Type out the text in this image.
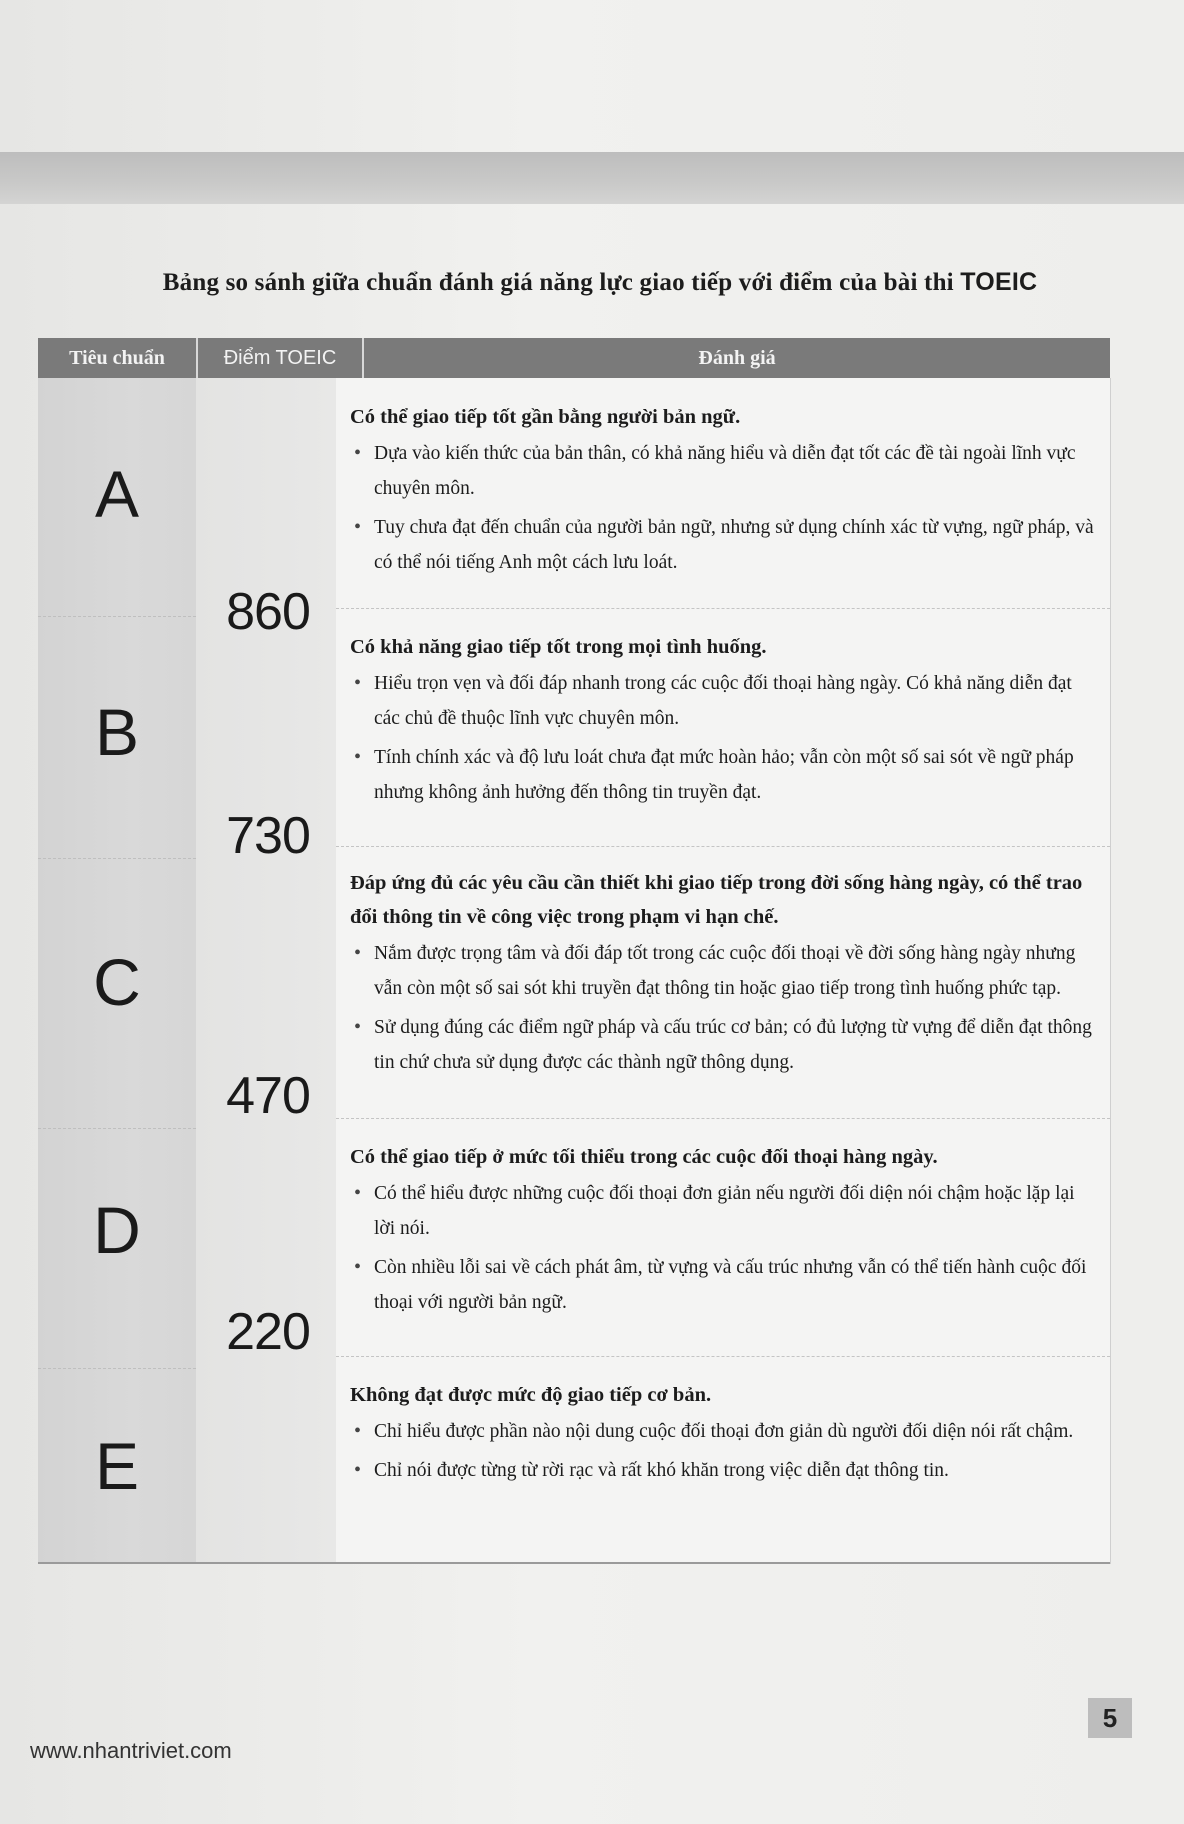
Bảng so sánh giữa chuẩn đánh giá năng lực giao tiếp với điểm của bài thi TOEIC
Tiêu chuẩn	Điểm TOEIC	Đánh giá
A
B
C
D
E
860
730
470
220
Có thể giao tiếp tốt gần bằng người bản ngữ.
• Dựa vào kiến thức của bản thân, có khả năng hiểu và diễn đạt tốt các đề tài ngoài lĩnh vực chuyên môn.
• Tuy chưa đạt đến chuẩn của người bản ngữ, nhưng sử dụng chính xác từ vựng, ngữ pháp, và có thể nói tiếng Anh một cách lưu loát.
Có khả năng giao tiếp tốt trong mọi tình huống.
• Hiểu trọn vẹn và đối đáp nhanh trong các cuộc đối thoại hàng ngày. Có khả năng diễn đạt các chủ đề thuộc lĩnh vực chuyên môn.
• Tính chính xác và độ lưu loát chưa đạt mức hoàn hảo; vẫn còn một số sai sót về ngữ pháp nhưng không ảnh hưởng đến thông tin truyền đạt.
Đáp ứng đủ các yêu cầu cần thiết khi giao tiếp trong đời sống hàng ngày, có thể trao đổi thông tin về công việc trong phạm vi hạn chế.
• Nắm được trọng tâm và đối đáp tốt trong các cuộc đối thoại về đời sống hàng ngày nhưng vẫn còn một số sai sót khi truyền đạt thông tin hoặc giao tiếp trong tình huống phức tạp.
• Sử dụng đúng các điểm ngữ pháp và cấu trúc cơ bản; có đủ lượng từ vựng để diễn đạt thông tin chứ chưa sử dụng được các thành ngữ thông dụng.
Có thể giao tiếp ở mức tối thiểu trong các cuộc đối thoại hàng ngày.
• Có thể hiểu được những cuộc đối thoại đơn giản nếu người đối diện nói chậm hoặc lặp lại lời nói.
• Còn nhiều lỗi sai về cách phát âm, từ vựng và cấu trúc nhưng vẫn có thể tiến hành cuộc đối thoại với người bản ngữ.
Không đạt được mức độ giao tiếp cơ bản.
• Chỉ hiểu được phần nào nội dung cuộc đối thoại đơn giản dù người đối diện nói rất chậm.
• Chỉ nói được từng từ rời rạc và rất khó khăn trong việc diễn đạt thông tin.
www.nhantriviet.com
5
